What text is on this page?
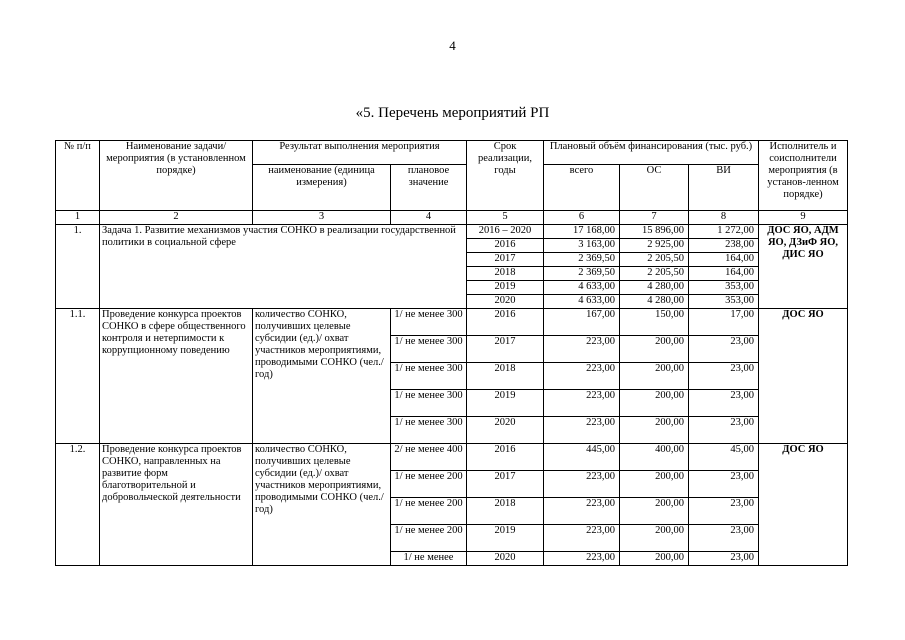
4
«5. Перечень мероприятий РП
№ п/п	Наименование задачи/мероприятия (в установленном порядке)	Результат выполнения мероприятия		Срок реализации, годы	Плановый объём финансирования (тыс. руб.)			Исполнитель и соисполнители мероприятия (в установ-ленном порядке)
		наименование (единица измерения)	плановое значение		всего	ОС	ВИ	
1	2	3	4	5	6	7	8	9
1.	Задача 1. Развитие механизмов участия СОНКО в реализации государственной политики в социальной сфере			2016 – 2020	17 168,00	15 896,00	1 272,00	ДОС ЯО, АДМ ЯО, ДЗиФ ЯО, ДИС ЯО
				2016	3 163,00	2 925,00	238,00	
				2017	2 369,50	2 205,50	164,00	
				2018	2 369,50	2 205,50	164,00	
				2019	4 633,00	4 280,00	353,00	
				2020	4 633,00	4 280,00	353,00	
1.1.	Проведение конкурса проектов СОНКО в сфере общественного контроля и нетерпимости к коррупционному поведению	количество СОНКО, получивших целевые субсидии (ед.)/ охват участников мероприятиями, проводимыми СОНКО (чел./ год)	1/ не менее 300	2016	167,00	150,00	17,00	ДОС ЯО
			1/ не менее 300	2017	223,00	200,00	23,00	
			1/ не менее 300	2018	223,00	200,00	23,00	
			1/ не менее 300	2019	223,00	200,00	23,00	
			1/ не менее 300	2020	223,00	200,00	23,00	
1.2.	Проведение конкурса проектов СОНКО, направленных на развитие форм благотворительной и добровольческой деятельности	количество СОНКО, получивших целевые субсидии (ед.)/ охват участников мероприятиями, проводимыми СОНКО (чел./ год)	2/ не менее 400	2016	445,00	400,00	45,00	ДОС ЯО
			1/ не менее 200	2017	223,00	200,00	23,00	
			1/ не менее 200	2018	223,00	200,00	23,00	
			1/ не менее 200	2019	223,00	200,00	23,00	
			1/ не менее	2020	223,00	200,00	23,00	
